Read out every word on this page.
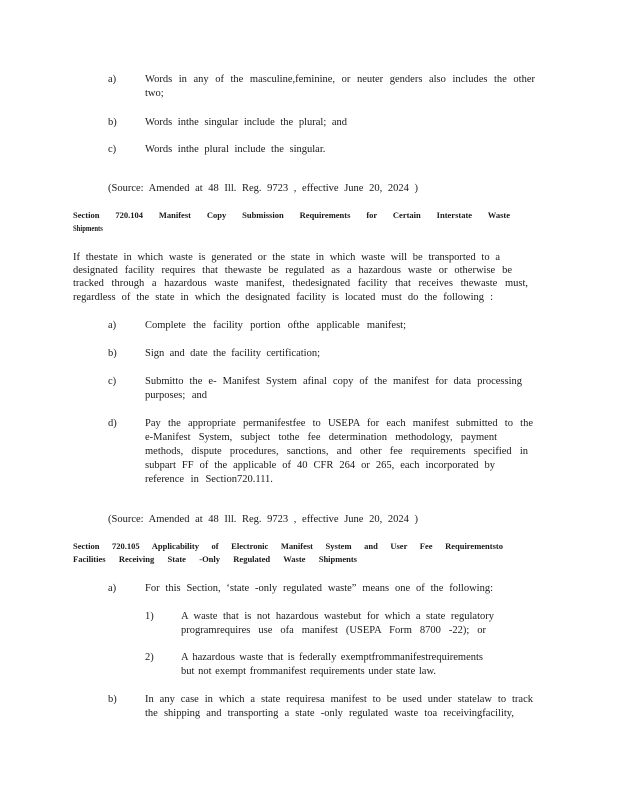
a)	Words in any of the masculine,feminine, or neuter genders also includes the other
two;
b)	Words inthe singular include the plural; and
c)	Words inthe plural include the singular.
(Source: Amended at 48 Ill. Reg. 9723 , effective June 20, 2024 )
Section 720.104 Manifest Copy Submission Requirements for Certain Interstate Waste
Shipments
If thestate in which waste is generated or the state in which waste will be transported to a
designated facility requires that thewaste be regulated as a hazardous waste or otherwise be
tracked through a hazardous waste manifest, thedesignated facility that receives thewaste must,
regardless of the state in which the designated facility is located must do the following :
a)	Complete the facility portion ofthe applicable manifest;
b)	Sign and date the facility certification;
c)	Submitto the e- Manifest System afinal copy of the manifest for data processing
purposes; and
d)	Pay the appropriate permanifestfee to USEPA for each manifest submitted to the
e-Manifest System, subject tothe fee determination methodology, payment
methods, dispute procedures, sanctions, and other fee requirements specified in
subpart FF of the applicable of 40 CFR 264 or 265, each incorporated by
reference in Section720.111.
(Source: Amended at 48 Ill. Reg. 9723 , effective June 20, 2024 )
Section 720.105 Applicability of Electronic Manifest System and User Fee Requirementsto
Facilities Receiving State -Only Regulated Waste Shipments
a)	For this Section, ‘state -only regulated waste” means one of the following:
1)	A waste that is not hazardous wastebut for which a state regulatory
programrequires use ofa manifest (USEPA Form 8700 -22); or
2)	A hazardous waste that is federally exemptfrommanifestrequirements
but not exempt frommanifest requirements under state law.
b)	In any case in which a state requiresa manifest to be used under statelaw to track
the shipping and transporting a state -only regulated waste toa receivingfacility,
